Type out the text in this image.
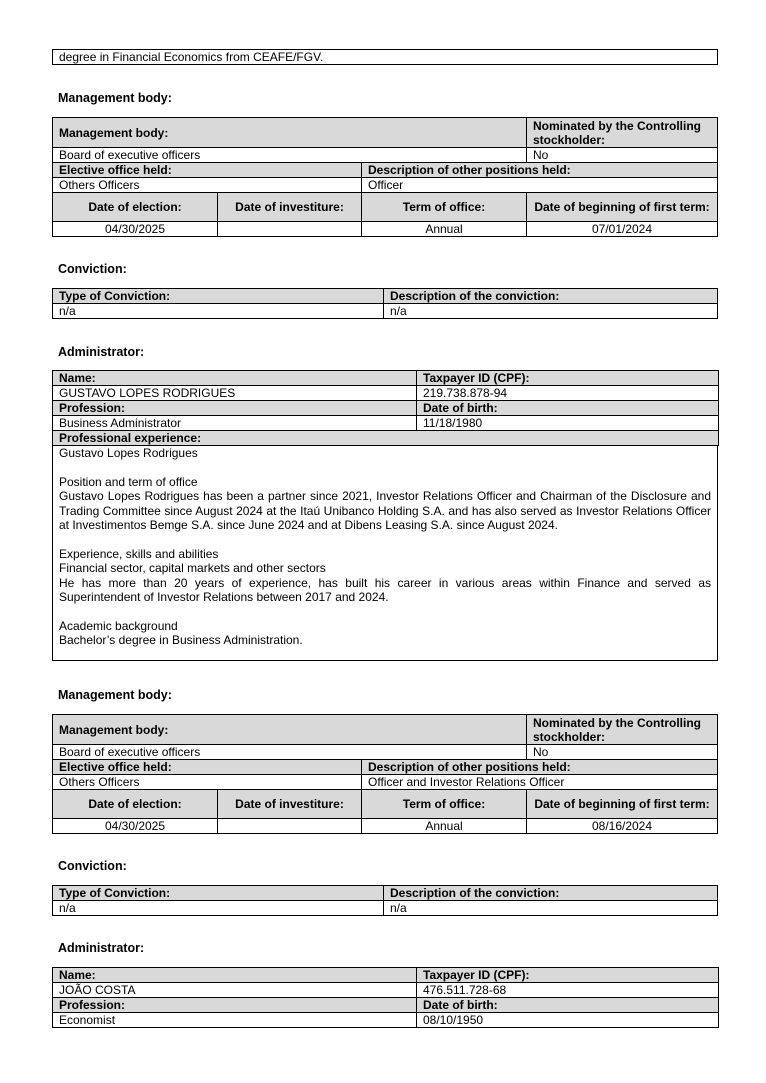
degree in Financial Economics from CEAFE/FGV.
Management body:
Management body:			Nominated by the Controlling stockholder:
Board of executive officers			No
Elective office held:		Description of other positions held:	
Others Officers		Officer	
Date of election:	Date of investiture:	Term of office:	Date of beginning of first term:
04/30/2025		Annual	07/01/2024
Conviction:
Type of Conviction:	Description of the conviction:
n/a	n/a
Administrator:
Name:	Taxpayer ID (CPF):
GUSTAVO LOPES RODRIGUES	219.738.878-94
Profession:	Date of birth:
Business Administrator	11/18/1980
Professional experience:	

Gustavo Lopes Rodrigues

Position and term of office

Gustavo Lopes Rodrigues has been a partner since 2021, Investor Relations Officer and Chairman of the Disclosure and Trading Committee since August 2024 at the Itaú Unibanco Holding S.A. and has also served as Investor Relations Officer at Investimentos Bemge S.A. since June 2024 and at Dibens Leasing S.A. since August 2024.

Experience, skills and abilities

Financial sector, capital markets and other sectors

He has more than 20 years of experience, has built his career in various areas within Finance and served as Superintendent of Investor Relations between 2017 and 2024.

Academic background

Bachelor’s degree in Business Administration.

Management body:
Management body:			Nominated by the Controlling stockholder:
Board of executive officers			No
Elective office held:		Description of other positions held:	
Others Officers		Officer and Investor Relations Officer	
Date of election:	Date of investiture:	Term of office:	Date of beginning of first term:
04/30/2025		Annual	08/16/2024
Conviction:
Type of Conviction:	Description of the conviction:
n/a	n/a
Administrator:
Name:	Taxpayer ID (CPF):
JOÃO COSTA	476.511.728-68
Profession:	Date of birth:
Economist	08/10/1950
